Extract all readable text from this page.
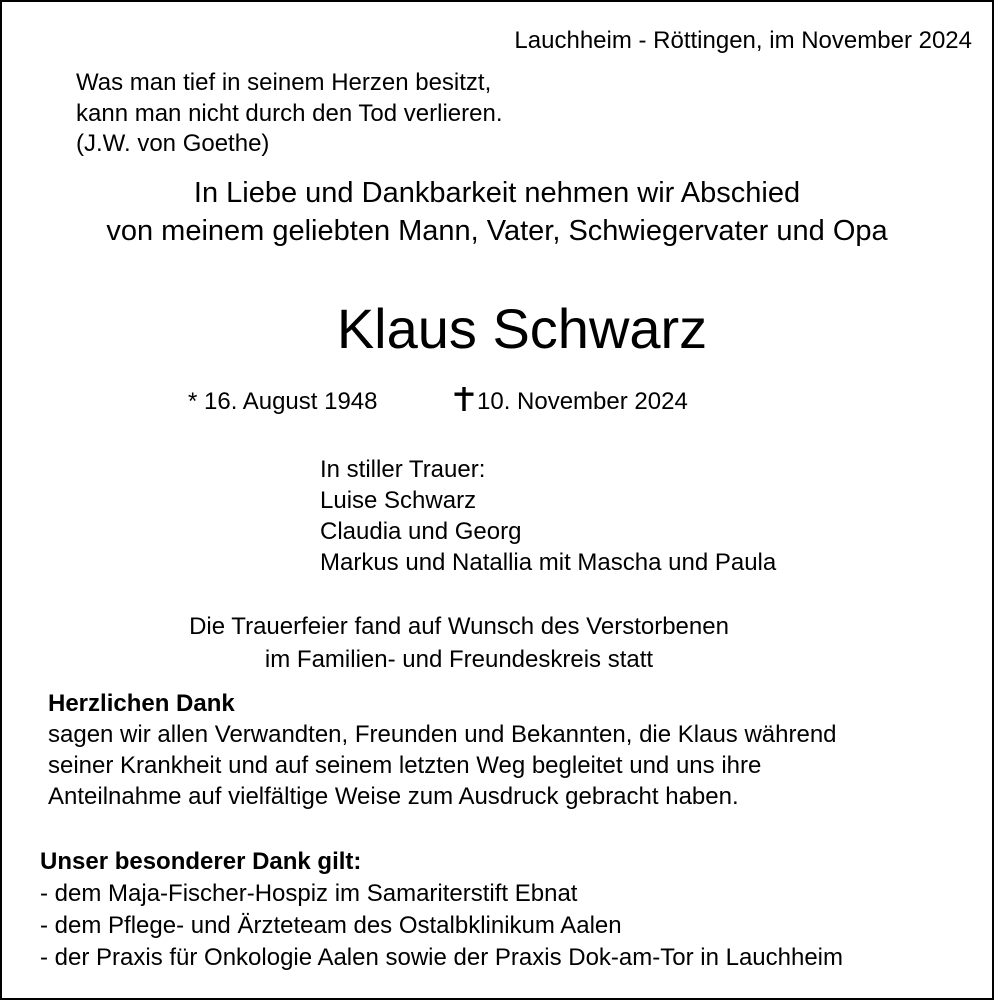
Lauchheim - Röttingen, im November 2024
Was man tief in seinem Herzen besitzt,
kann man nicht durch den Tod verlieren.
(J.W. von Goethe)
In Liebe und Dankbarkeit nehmen wir Abschied
von meinem geliebten Mann, Vater, Schwiegervater und Opa
Klaus Schwarz
* 16. August 1948	10. November 2024
In stiller Trauer:
Luise Schwarz
Claudia und Georg
Markus und Natallia mit Mascha und Paula
Die Trauerfeier fand auf Wunsch des Verstorbenen
im Familien- und Freundeskreis statt
Herzlichen Dank
sagen wir allen Verwandten, Freunden und Bekannten, die Klaus während
seiner Krankheit und auf seinem letzten Weg begleitet und uns ihre
Anteilnahme auf vielfältige Weise zum Ausdruck gebracht haben.
Unser besonderer Dank gilt:
- dem Maja-Fischer-Hospiz im Samariterstift Ebnat
- dem Pflege- und Ärzteteam des Ostalbklinikum Aalen
- der Praxis für Onkologie Aalen sowie der Praxis Dok-am-Tor in Lauchheim
